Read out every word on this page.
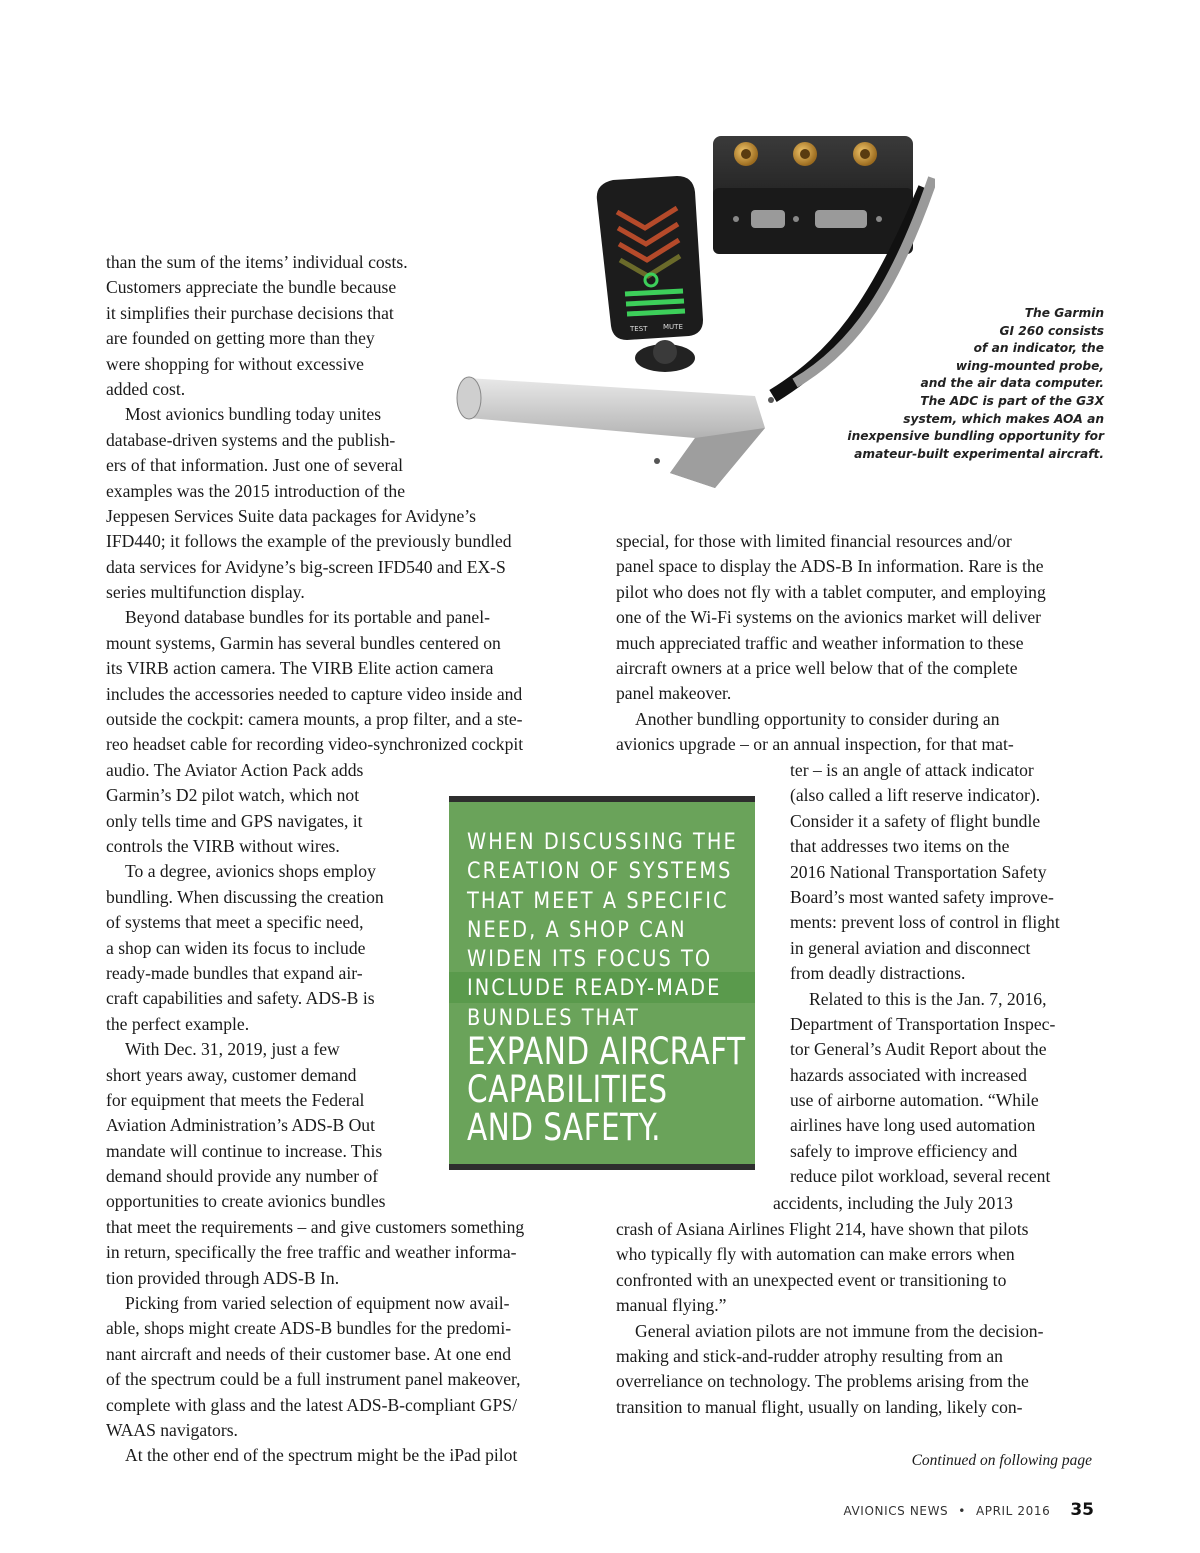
TEST MUTE
The Garmin
GI 260 consists
of an indicator, the
wing-mounted probe,
and the air data computer.
The ADC is part of the G3X
system, which makes AOA an
inexpensive bundling opportunity for
amateur-built experimental aircraft.
than the sum of the items’ individual costs.
Customers appreciate the bundle because
it simplifies their purchase decisions that
are founded on getting more than they
were shopping for without excessive
added cost.
Most avionics bundling today unites
database-driven systems and the publish-
ers of that information. Just one of several
examples was the 2015 introduction of the
Jeppesen Services Suite data packages for Avidyne’s
IFD440; it follows the example of the previously bundled
data services for Avidyne’s big-screen IFD540 and EX-S
series multifunction display.
Beyond database bundles for its portable and panel-
mount systems, Garmin has several bundles centered on
its VIRB action camera. The VIRB Elite action camera
includes the accessories needed to capture video inside and
outside the cockpit: camera mounts, a prop filter, and a ste-
reo headset cable for recording video-synchronized cockpit
audio. The Aviator Action Pack adds
Garmin’s D2 pilot watch, which not
only tells time and GPS navigates, it
controls the VIRB without wires.
To a degree, avionics shops employ
bundling. When discussing the creation
of systems that meet a specific need,
a shop can widen its focus to include
ready-made bundles that expand air-
craft capabilities and safety. ADS-B is
the perfect example.
With Dec. 31, 2019, just a few
short years away, customer demand
for equipment that meets the Federal
Aviation Administration’s ADS-B Out
mandate will continue to increase. This
demand should provide any number of
opportunities to create avionics bundles
that meet the requirements – and give customers something
in return, specifically the free traffic and weather informa-
tion provided through ADS-B In.
Picking from varied selection of equipment now avail-
able, shops might create ADS-B bundles for the predomi-
nant aircraft and needs of their customer base. At one end
of the spectrum could be a full instrument panel makeover,
complete with glass and the latest ADS-B-compliant GPS/
WAAS navigators.
At the other end of the spectrum might be the iPad pilot
special, for those with limited financial resources and/or
panel space to display the ADS-B In information. Rare is the
pilot who does not fly with a tablet computer, and employing
one of the Wi-Fi systems on the avionics market will deliver
much appreciated traffic and weather information to these
aircraft owners at a price well below that of the complete
panel makeover.
Another bundling opportunity to consider during an
avionics upgrade – or an annual inspection, for that mat-
ter – is an angle of attack indicator
(also called a lift reserve indicator).
Consider it a safety of flight bundle
that addresses two items on the
2016 National Transportation Safety
Board’s most wanted safety improve-
ments: prevent loss of control in flight
in general aviation and disconnect
from deadly distractions.
Related to this is the Jan. 7, 2016,
Department of Transportation Inspec-
tor General’s Audit Report about the
hazards associated with increased
use of airborne automation. “While
airlines have long used automation
safely to improve efficiency and
reduce pilot workload, several recent
accidents, including the July 2013
crash of Asiana Airlines Flight 214, have shown that pilots
who typically fly with automation can make errors when
confronted with an unexpected event or transitioning to
manual flying.”
General aviation pilots are not immune from the decision-
making and stick-and-rudder atrophy resulting from an
overreliance on technology. The problems arising from the
transition to manual flight, usually on landing, likely con-
WHEN DISCUSSING THE
CREATION OF SYSTEMS
THAT MEET A SPECIFIC
NEED, A SHOP CAN
WIDEN ITS FOCUS TO
INCLUDE READY-MADE
BUNDLES THAT
EXPAND AIRCRAFT
CAPABILITIES
AND SAFETY.
Continued on following page
AVIONICS NEWS • APRIL 2016 35
